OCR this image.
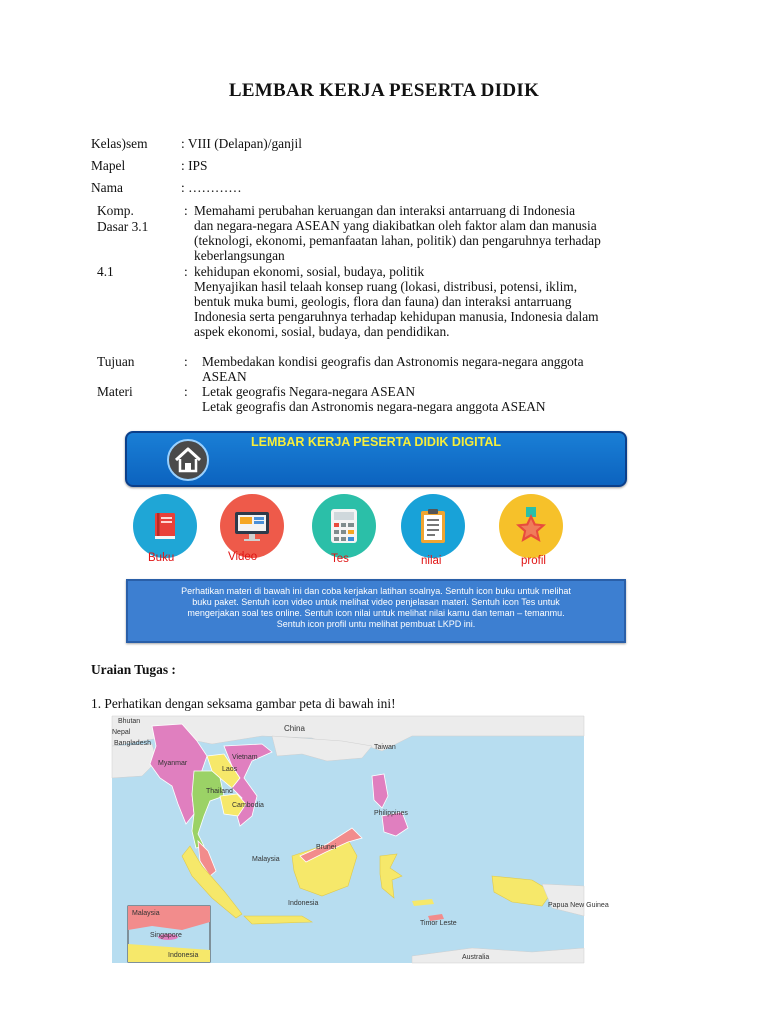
LEMBAR KERJA PESERTA DIDIK
Kelas)sem : VIII (Delapan)/ganjil
Mapel	: IPS
Nama	: …………
Komp.
Dasar 3.1
: Memahami perubahan keruangan dan interaksi antarruang di Indonesia
dan negara-negara ASEAN yang diakibatkan oleh faktor alam dan manusia
(teknologi, ekonomi, pemanfaatan lahan, politik) dan pengaruhnya terhadap
keberlangsungan
4.1	: kehidupan ekonomi, sosial, budaya, politik
Menyajikan hasil telaah konsep ruang (lokasi, distribusi, potensi, iklim,
bentuk muka bumi, geologis, flora dan fauna) dan interaksi antarruang
Indonesia serta pengaruhnya terhadap kehidupan manusia, Indonesia dalam
aspek ekonomi, sosial, budaya, dan pendidikan.
Tujuan	: Membedakan kondisi geografis dan Astronomis negara-negara anggota
ASEAN
Materi	: Letak geografis Negara-negara ASEAN
Letak geografis dan Astronomis negara-negara anggota ASEAN
LEMBAR KERJA PESERTA DIDIK DIGITAL
Buku	Video	Tes	nilai	profil
Perhatikan materi di bawah ini dan coba kerjakan latihan soalnya. Sentuh icon buku untuk melihat
buku paket. Sentuh icon video untuk melihat video penjelasan materi. Sentuh icon Tes untuk
mengerjakan soal tes online. Sentuh icon nilai untuk melihat nilai kamu dan teman – temanmu.
Sentuh icon profil untu melihat pembuat LKPD ini.
Uraian Tugas :
1. Perhatikan dengan seksama gambar peta di bawah ini!
Bhutan
Nepal
Bangladesh
China
Taiwan
Vietnam
Myanmar
Laos
Thailand
Cambodia
Philippines
Malaysia
Brunei
Indonesia	Papua New Guinea
Timor Leste
Australia
Malaysia
Singapore
Indonesia
